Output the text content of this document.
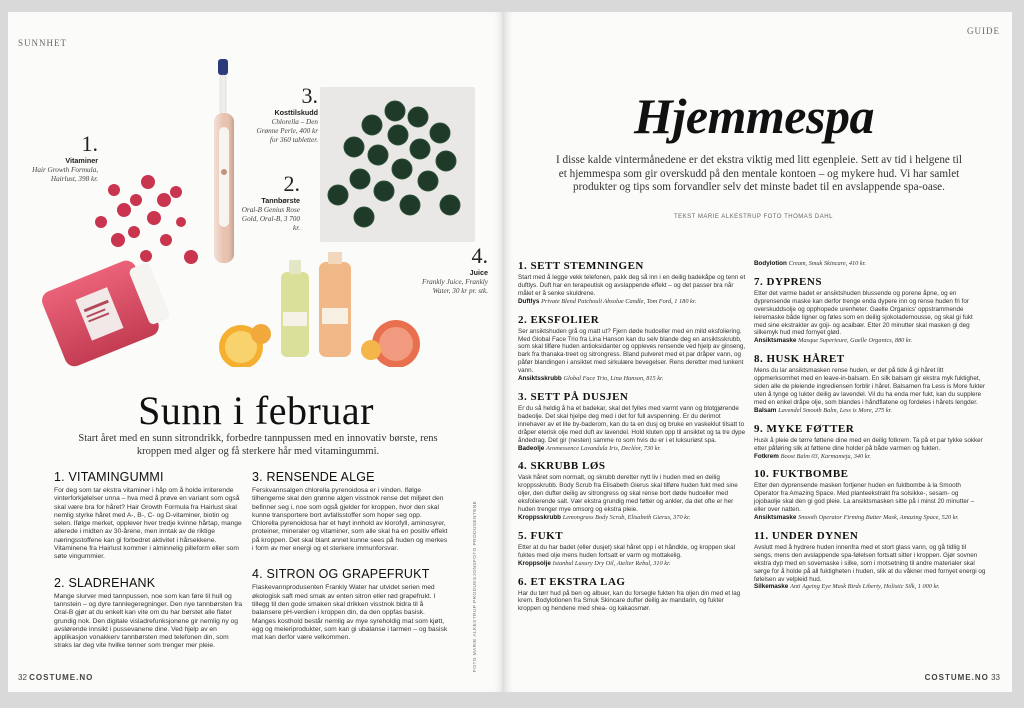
SUNNHET
1.
Vitaminer
Hair Growth Formula, Hairlust, 398 kr.	2.
Tannbørste
Oral-B Genius Rose Gold, Oral-B, 3 700 kr.
3.
Kosttilskudd
Chlorella – Den Grønne Perle, 400 kr for 360 tabletter.
4.
Juice
Frankly Juice, Frankly Water, 30 kr pr. stk.
Sunn i februar
Start året med en sunn sitrondrikk, forbedre tannpussen med en innovativ børste, rens kroppen med alger og få sterkere hår med vitamingummi.
1. VITAMINGUMMI

For deg som tar ekstra vitaminer i håp om å holde irriterende vinterforkjølelser unna – hva med å prøve en variant som også skal være bra for håret? Hair Growth Formula fra Hairlust skal nemlig styrke håret med A-, B-, C- og D-vitaminer, biotin og selen. Ifølge merket, opplever hver tredje kvinne hårtap, mange allerede i midten av 30-årene, men inntak av de riktige næringsstoffene kan gi forbedret aktivitet i hårsekkene. Vitaminene fra Hairlust kommer i alminnelig pilleform eller som søte vingummier.

2. SLADREHANK

Mange slurver med tannpussen, noe som kan føre til hull og tannstein – og dyre tannlegeregninger. Den nye tannbørsten fra Oral-B gjør at du enkelt kan vite om du har børstet alle flater grundig nok. Den digitale visladrefunksjonene gir nemlig ny og avslørende innsikt i pussevanene dine. Ved hjelp av en applikasjon vonakkerv tannbørsten med telefonen din, som straks lar deg vite hvilke tenner som trenger mer pleie.

3. RENSENDE ALGE

Ferskvannsalgen chlorella pyrenoidosa er i vinden. Ifølge tilhengerne skal den grønne algen visstnok rense det miljøet den befinner seg i, noe som også gjelder for kroppen, hvor den skal kunne transportere bort avfallsstoffer som hoper seg opp. Chlorella pyrenoidosa har et høyt innhold av klorofyll, aminosyrer, proteiner, mineraler og vitaminer, som alle skal ha en positiv effekt på kroppen. Det skal blant annet kunne sees på huden og merkes i form av mer energi og et sterkere immunforsvar.

4. SITRON OG GRAPEFRUKT

Flaskevannprodusenten Frankly Water har utvidet serien med økologisk saft med smak av enten sitron eller rød grapefrukt. I tillegg til den gode smaken skal drikken visstnok bidra til å balansere pH-verdien i kroppen din, da den oppfas basisk. Manges kosthold består nemlig av mye syreholdig mat som kjøtt, egg og meieriprodukter, som kan gi ubalanse i tarmen – og basisk mat kan derfor være velkommen.	FOTO MARIE ALKESTRUP PRODUKSJONSFOTO PRODUSENTENE
32 COSTUME.NO
GUIDE
Hjemmespa
I disse kalde vintermånedene er det ekstra viktig med litt egenpleie. Sett av tid i helgene til et hjemmespa som gir overskudd på den mentale kontoen – og mykere hud. Vi har samlet produkter og tips som forvandler selv det minste badet til en avslappende spa-oase.
TEKST MARIE ALKESTRUP FOTO THOMAS DAHL
1. SETT STEMNINGEN

Start med å legge vekk telefonen, pakk deg så inn i en deilig badekåpe og tenn et duftlys. Duft har en terapeutisk og avslappende effekt – og det passer bra når målet er å senke skuldrene.

Duftlys Private Blend Patchouli Absolue Candle, Tom Ford, 1 180 kr.

2. EKSFOLIER

Ser ansiktshuden grå og matt ut? Fjern døde hudceller med en mild eksfoliering. Med Global Face Trio fra Lina Hanson kan du selv blande deg en ansiktsskrubb, som skal tilføre huden antioksidanter og oppleves rensende ved hjelp av ginseng, bark fra thanaka-treet og sitrongress. Bland pulveret med et par dråper vann, og påfør blandingen i ansiktet med sirkulære bevegelser. Rens deretter med lunkent vann.

Ansiktsskrubb Global Face Trio, Lina Hanson, 815 kr.

3. SETT PÅ DUSJEN

Er du så heldig å ha et badekar, skal det fylles med varmt vann og blotgjørende badeolje. Det skal hjelpe deg med i det for full avspenning. Er du derimot innehaver av et lite by-baderom, kan du ta en dusj og bruke en vaskeklut tilsatt to dråper eterisk olje med duft av lavendel. Hold kluten opp til ansiktet og ta tre dype åndedrag. Det gir (nesten) samme ro som hvis du er i et luksuriøst spa.

Badeolje Aromessence Lavandula Iris, Decléor, 730 kr.

4. SKRUBB LØS

Vask håret som normalt, og skrubb deretter nytt liv i huden med en deilig kroppsskrubb. Body Scrub fra Elisabeth Gierus skal tilføre huden fukt med sine oljer, den dufter deilig av sitrongress og skal rense bort døde hudceller med eksfolierende salt. Vær ekstra grundig med føtter og ankler, da det ofte er her huden trenger mye omsorg og ekstra pleie.

Kroppsskrubb Lemongrass Body Scrub, Elisabeth Gierus, 370 kr.

5. FUKT

Etter at du har badet (eller dusjet) skal håret opp i et håndkle, og kroppen skal fuktes med olje mens huden fortsatt er varm og mottakelig.

Kroppsolje Istanbul Luxury Dry Oil, Atelier Rebul, 310 kr.

6. ET EKSTRA LAG

Har du tørr hud på ben og albuer, kan du forsegle fukten fra oljen din med et lag krem. Bodylotionen fra Smuk Skincare dufter deilig av mandarin, og fukter kroppen og hendene med shea- og kakaosmør.

Bodylotion Cream, Smuk Skincare, 410 kr.

7. DYPRENS

Etter det varme badet er ansiktshuden blussende og porene åpne, og en dyprensende maske kan derfor trenge enda dypere inn og rense huden fri for overskuddsolje og opphopede urenheter. Gaelle Organics' oppstrammende leiremaske både ligner og føles som en deilig sjokolademousse, og skal gi fukt med sine ekstrakter av goji- og acaibær. Etter 20 minutter skal masken gi deg silkemyk hud med fornyet glød.

Ansiktsmaske Masque Superieure, Gaelle Organics, 880 kr.

8. HUSK HÅRET

Mens du lar ansiktsmasken rense huden, er det på tide å gi håret litt oppmerksomhet med en leave-in-balsam. En silk balsam gir ekstra myk fuktighet, siden alle de pleiende ingrediensen forblir i håret. Balsamen fra Less is More fukter uten å tynge og lukter deilig av lavendel. Vil du ha enda mer fukt, kan du supplere med en enkel dråpe olje, som blandes i håndflatene og fordeles i hårets lengder.

Balsam Lavendel Smooth Balm, Less is More, 275 kr.

9. MYKE FØTTER

Husk å pleie de tørre føttene dine med en deilig fotkrem. Ta på et par tykke sokker etter påføring slik at føttene dine holder på både varmen og fukten.

Fotkrem Boost Balm 03, Karmameju, 340 kr.

10. FUKTBOMBE

Etter den dyprensende masken fortjener huden en fuktbombe à la Smooth Operator fra Amazing Space. Med planteekstrakt fra solsikke-, sesam- og jojobaolje skal den gi god pleie. La ansiktsmasken sitte på i minst 20 minutter – eller over natten.

Ansiktsmaske Smooth Operator Firming Butter Mask, Amazing Space, 520 kr.

11. UNDER DYNEN

Avslutt med å hydrere huden innenfra med et stort glass vann, og gå tidlig til sengs, mens den avslappende spa-følelsen fortsatt sitter i kroppen. Gjør sovnen ekstra dyp med en sovemaske i silke, som i motsetning til andre materialer skal sørge for å holde på all fuktigheten i huden, slik at du våkner med fornyet energi og følelsen av velpleid hud.

Silkemaske Anti Ageing Eye Mask Birds Liberty, Holistic Silk, 1 000 kr.

COSTUME.NO 33
